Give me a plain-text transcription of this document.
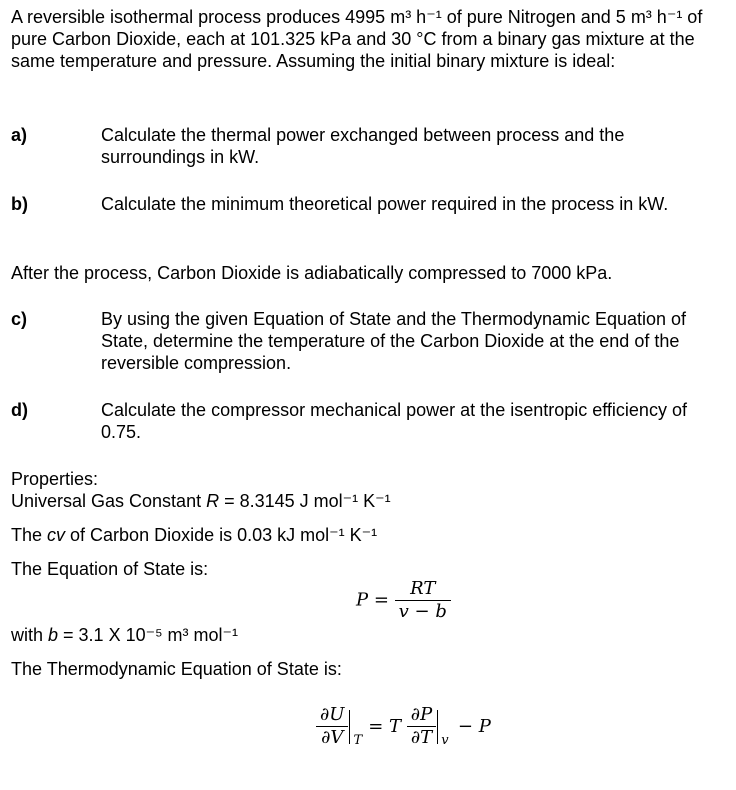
A reversible isothermal process produces 4995 m³ h⁻¹ of pure Nitrogen and 5 m³ h⁻¹ of pure Carbon Dioxide, each at 101.325 kPa and 30 °C from a binary gas mixture at the same temperature and pressure. Assuming the initial binary mixture is ideal:
a)	Calculate the thermal power exchanged between process and the surroundings in kW.
b)	Calculate the minimum theoretical power required in the process in kW.
After the process, Carbon Dioxide is adiabatically compressed to 7000 kPa.
c)	By using the given Equation of State and the Thermodynamic Equation of State, determine the temperature of the Carbon Dioxide at the end of the reversible compression.
d)	Calculate the compressor mechanical power at the isentropic efficiency of 0.75.
Properties:
Universal Gas Constant R = 8.3145 J mol⁻¹ K⁻¹
The cv of Carbon Dioxide is 0.03 kJ mol⁻¹ K⁻¹
The Equation of State is:
$P = \frac{RT}{v - b}$
with b = 3.1 X 10⁻⁵ m³ mol⁻¹
The Thermodynamic Equation of State is:
$\frac{\partial U}{\partial V}$ T
= T $\frac{\partial P}{\partial T}$ v
− P
